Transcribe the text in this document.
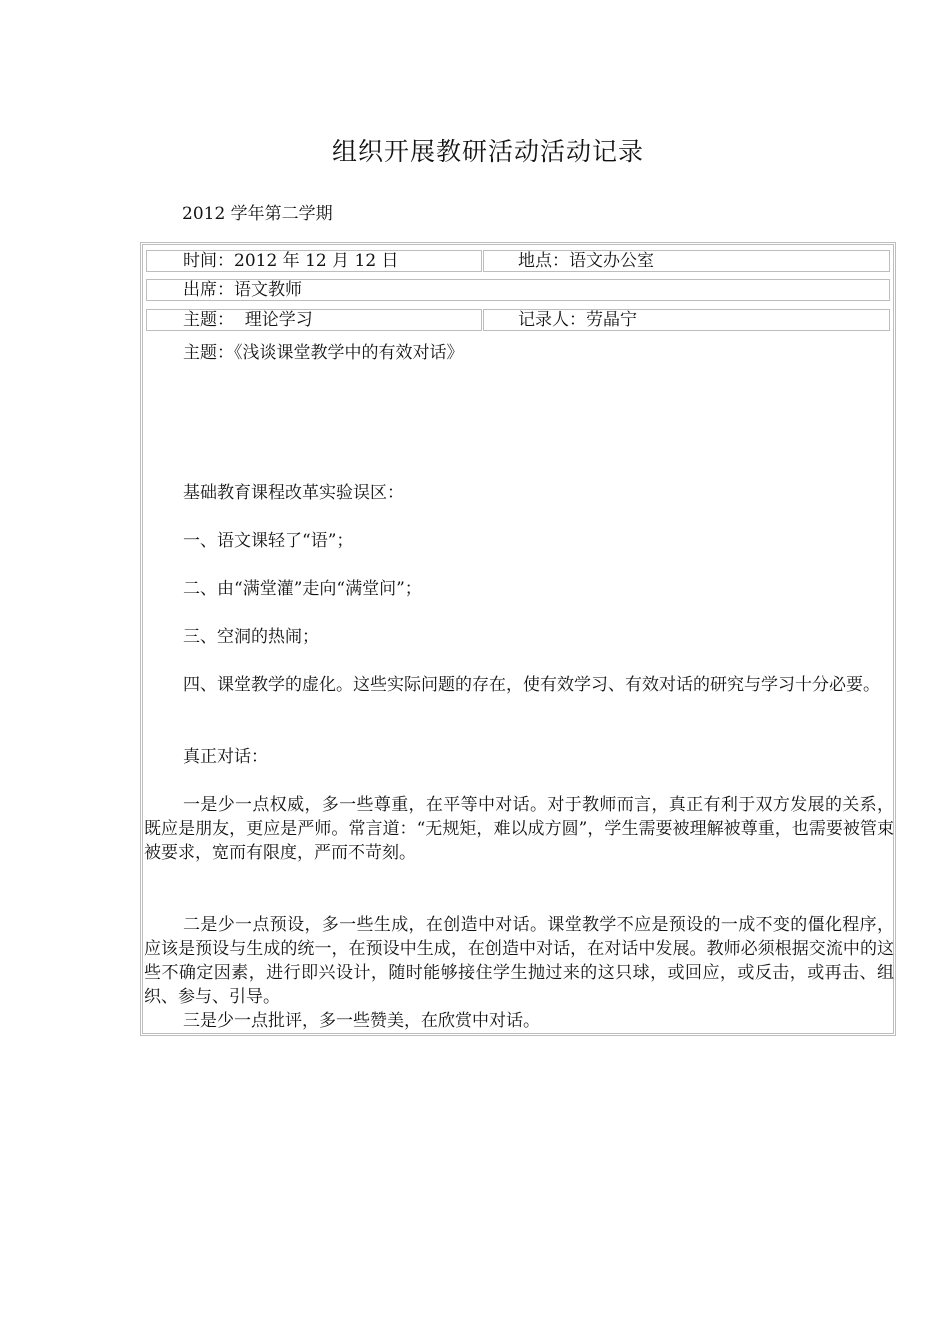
组织开展教研活动活动记录

2012 学年第二学期

时间：2012 年 12 月 12 日	地点：语文办公室
出席：语文教师
主题：  理论学习	记录人：劳晶宁

主题：《浅谈课堂教学中的有效对话》

基础教育课程改革实验误区：

一、语文课轻了“语”；

二、由“满堂灌”走向“满堂问”；

三、空洞的热闹；

四、课堂教学的虚化。这些实际问题的存在，使有效学习、有效对话的研究与学习十分必要。

真正对话：

一是少一点权威，多一些尊重，在平等中对话。对于教师而言，真正有利于双方发展的关系，既应是朋友，更应是严师。常言道：“无规矩，难以成方圆”，学生需要被理解被尊重，也需要被管束被要求，宽而有限度，严而不苛刻。

二是少一点预设，多一些生成，在创造中对话。课堂教学不应是预设的一成不变的僵化程序，应该是预设与生成的统一，在预设中生成，在创造中对话，在对话中发展。教师必须根据交流中的这些不确定因素，进行即兴设计，随时能够接住学生抛过来的这只球，或回应，或反击，或再击、组织、参与、引导。

三是少一点批评，多一些赞美，在欣赏中对话。
